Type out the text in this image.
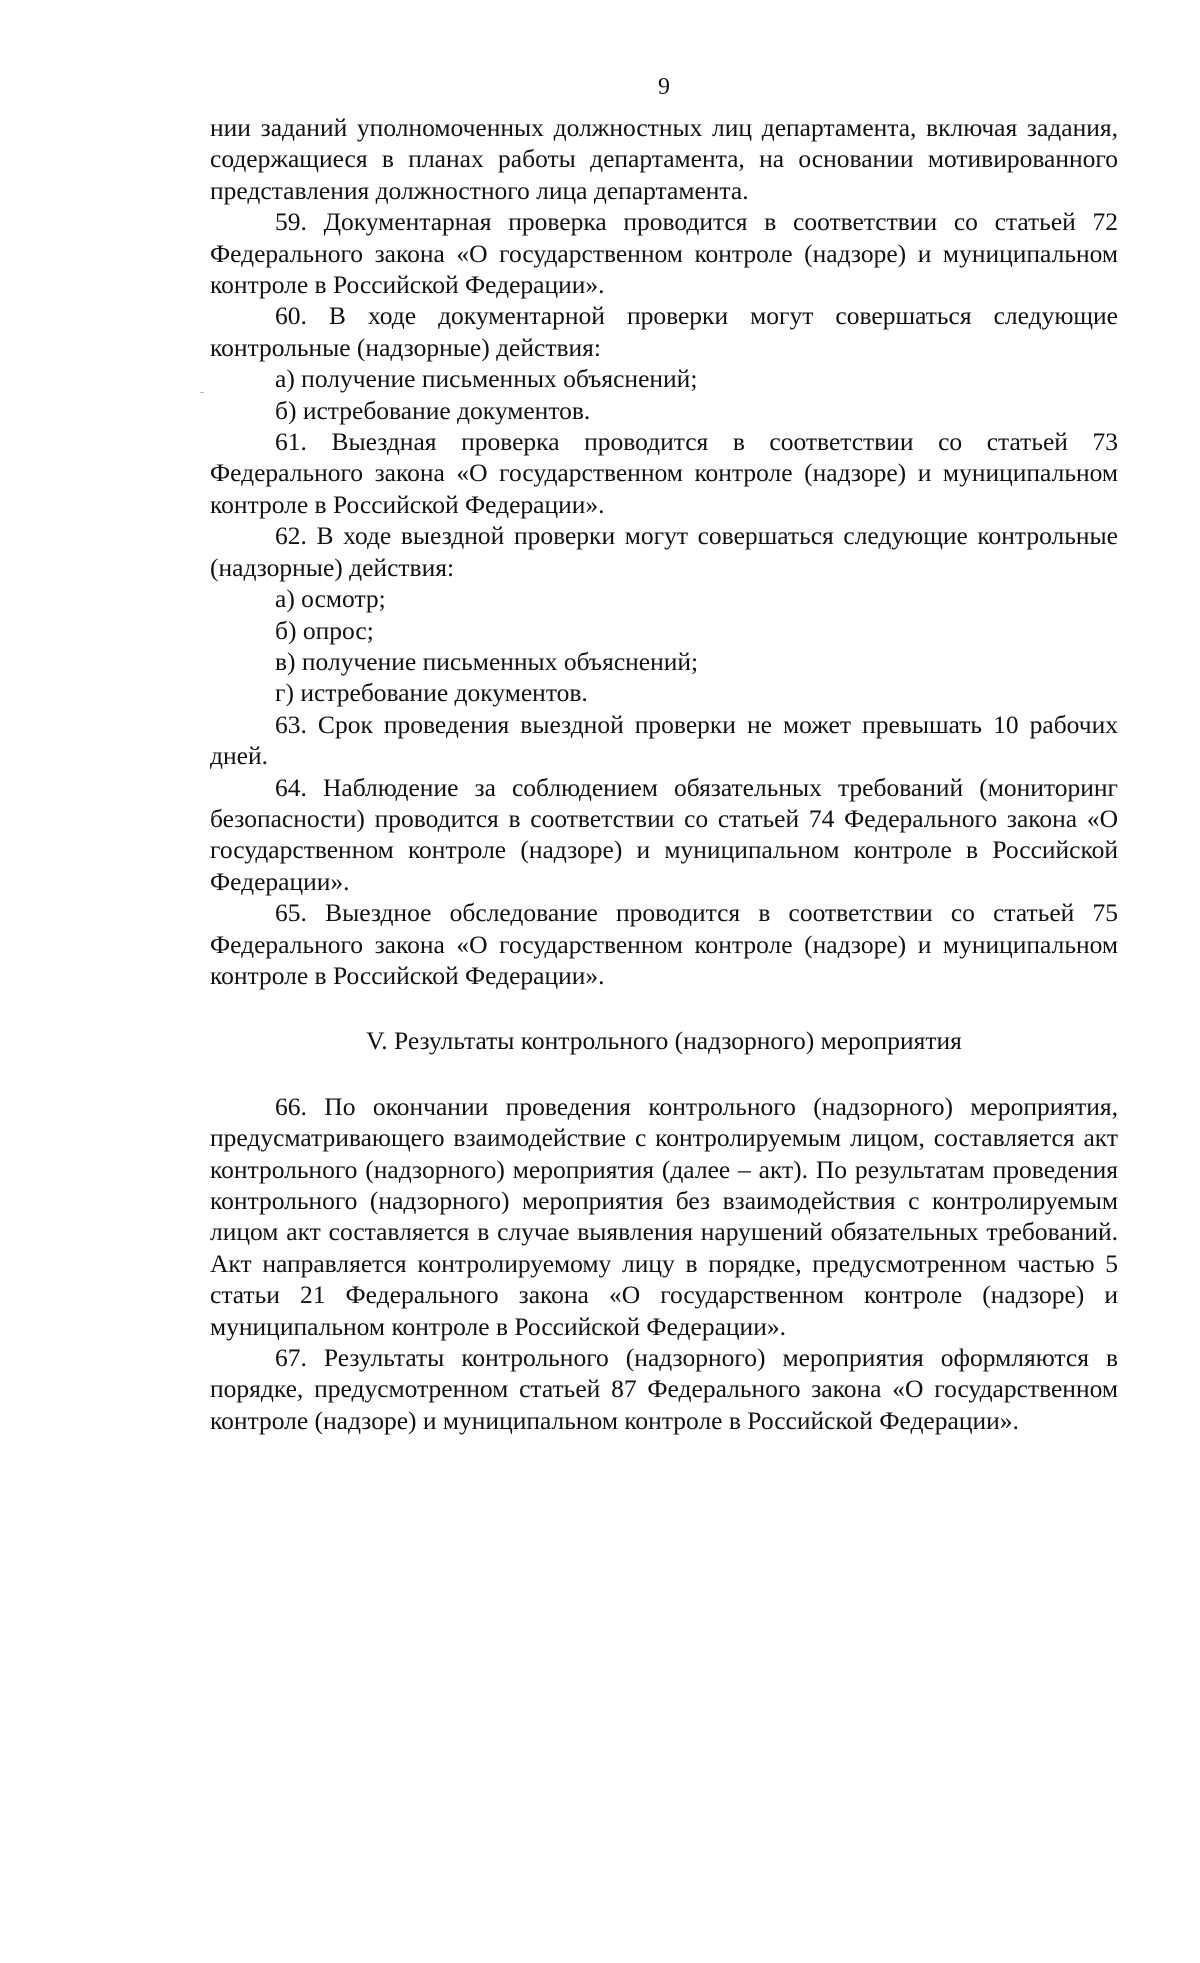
9

нии заданий уполномоченных должностных лиц департамента, включая задания, содержащиеся в планах работы департамента, на основании мотивированного представления должностного лица департамента.

59. Документарная проверка проводится в соответствии со статьей 72 Федерального закона «О государственном контроле (надзоре) и муниципальном контроле в Российской Федерации».

60. В ходе документарной проверки могут совершаться следующие контрольные (надзорные) действия:

а) получение письменных объяснений;

б) истребование документов.

61. Выездная проверка проводится в соответствии со статьей 73 Федерального закона «О государственном контроле (надзоре) и муниципальном контроле в Российской Федерации».

62. В ходе выездной проверки могут совершаться следующие контрольные (надзорные) действия:

а) осмотр;

б) опрос;

в) получение письменных объяснений;

г) истребование документов.

63. Срок проведения выездной проверки не может превышать 10 рабочих дней.

64. Наблюдение за соблюдением обязательных требований (мониторинг безопасности) проводится в соответствии со статьей 74 Федерального закона «О государственном контроле (надзоре) и муниципальном контроле в Российской Федерации».

65. Выездное обследование проводится в соответствии со статьей 75 Федерального закона «О государственном контроле (надзоре) и муниципальном контроле в Российской Федерации».

V. Результаты контрольного (надзорного) мероприятия

66. По окончании проведения контрольного (надзорного) мероприятия, предусматривающего взаимодействие с контролируемым лицом, составляется акт контрольного (надзорного) мероприятия (далее – акт). По результатам проведения контрольного (надзорного) мероприятия без взаимодействия с контролируемым лицом акт составляется в случае выявления нарушений обязательных требований. Акт направляется контролируемому лицу в порядке, предусмотренном частью 5 статьи 21 Федерального закона «О государственном контроле (надзоре) и муниципальном контроле в Российской Федерации».

67. Результаты контрольного (надзорного) мероприятия оформляются в порядке, предусмотренном статьей 87 Федерального закона «О государственном контроле (надзоре) и муниципальном контроле в Российской Федерации».
